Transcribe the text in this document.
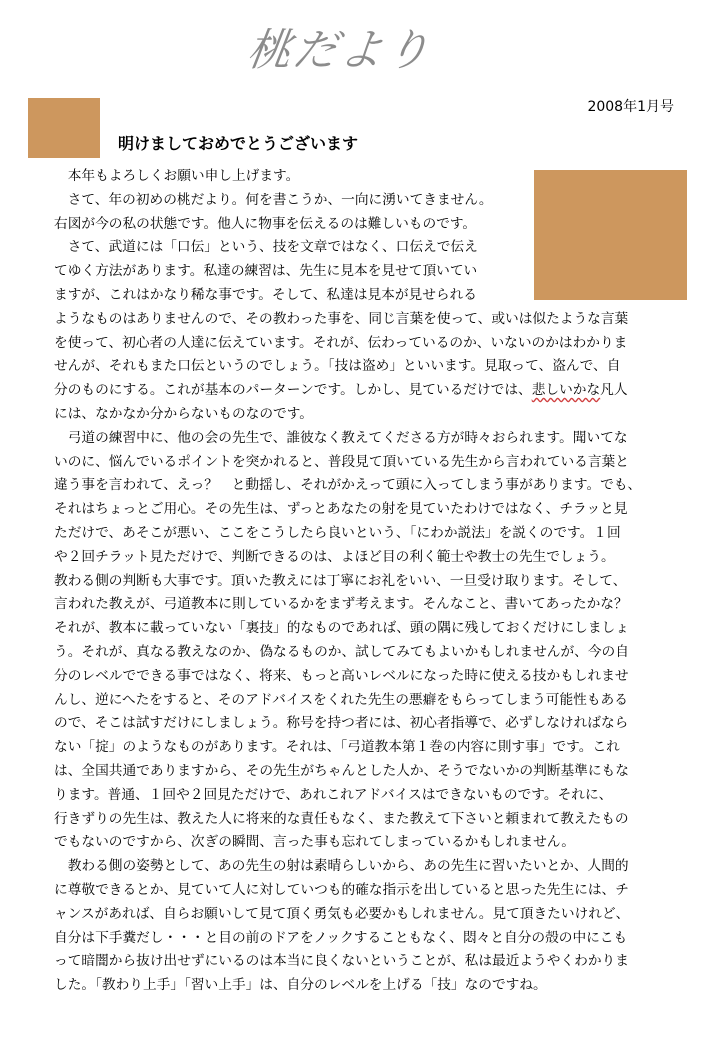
桃だより
2008年1月号
明けましておめでとうございます

　本年もよろしくお願い申し上げます。

　さて、年の初めの桃だより。何を書こうか、一向に湧いてきません。

右図が今の私の状態です。他人に物事を伝えるのは難しいものです。

　さて、武道には「口伝」という、技を文章ではなく、口伝えで伝え

てゆく方法があります。私達の練習は、先生に見本を見せて頂いてい

ますが、これはかなり稀な事です。そして、私達は見本が見せられる

ようなものはありませんので、その教わった事を、同じ言葉を使って、或いは似たような言葉

を使って、初心者の人達に伝えています。それが、伝わっているのか、いないのかはわかりま

せんが、それもまた口伝というのでしょう。「技は盗め」といいます。見取って、盗んで、自

分のものにする。これが基本のパーターンです。しかし、見ているだけでは、悲しいかな凡人

には、なかなか分からないものなのです。

　弓道の練習中に、他の会の先生で、誰彼なく教えてくださる方が時々おられます。聞いてな

いのに、悩んでいるポイントを突かれると、普段見て頂いている先生から言われている言葉と

違う事を言われて、えっ？　と動揺し、それがかえって頭に入ってしまう事があります。でも、

それはちょっとご用心。その先生は、ずっとあなたの射を見ていたわけではなく、チラッと見

ただけで、あそこが悪い、ここをこうしたら良いという、「にわか説法」を説くのです。１回

や２回チラット見ただけで、判断できるのは、よほど目の利く範士や教士の先生でしょう。

教わる側の判断も大事です。頂いた教えには丁寧にお礼をいい、一旦受け取ります。そして、

言われた教えが、弓道教本に則しているかをまず考えます。そんなこと、書いてあったかな？

それが、教本に載っていない「裏技」的なものであれば、頭の隅に残しておくだけにしましょ

う。それが、真なる教えなのか、偽なるものか、試してみてもよいかもしれませんが、今の自

分のレベルでできる事ではなく、将来、もっと高いレベルになった時に使える技かもしれませ

んし、逆にへたをすると、そのアドバイスをくれた先生の悪癖をもらってしまう可能性もある

ので、そこは試すだけにしましょう。称号を持つ者には、初心者指導で、必ずしなければなら

ない「掟」のようなものがあります。それは、「弓道教本第１巻の内容に則す事」です。これ

は、全国共通でありますから、その先生がちゃんとした人か、そうでないかの判断基準にもな

ります。普通、１回や２回見ただけで、あれこれアドバイスはできないものです。それに、

行きずりの先生は、教えた人に将来的な責任もなく、また教えて下さいと頼まれて教えたもの

でもないのですから、次ぎの瞬間、言った事も忘れてしまっているかもしれません。

　教わる側の姿勢として、あの先生の射は素晴らしいから、あの先生に習いたいとか、人間的

に尊敬できるとか、見ていて人に対していつも的確な指示を出していると思った先生には、チ

ャンスがあれば、自らお願いして見て頂く勇気も必要かもしれません。見て頂きたいけれど、

自分は下手糞だし・・・と目の前のドアをノックすることもなく、悶々と自分の殻の中にこも

って暗闇から抜け出せずにいるのは本当に良くないということが、私は最近ようやくわかりま

した。「教わり上手」「習い上手」は、自分のレベルを上げる「技」なのですね。
